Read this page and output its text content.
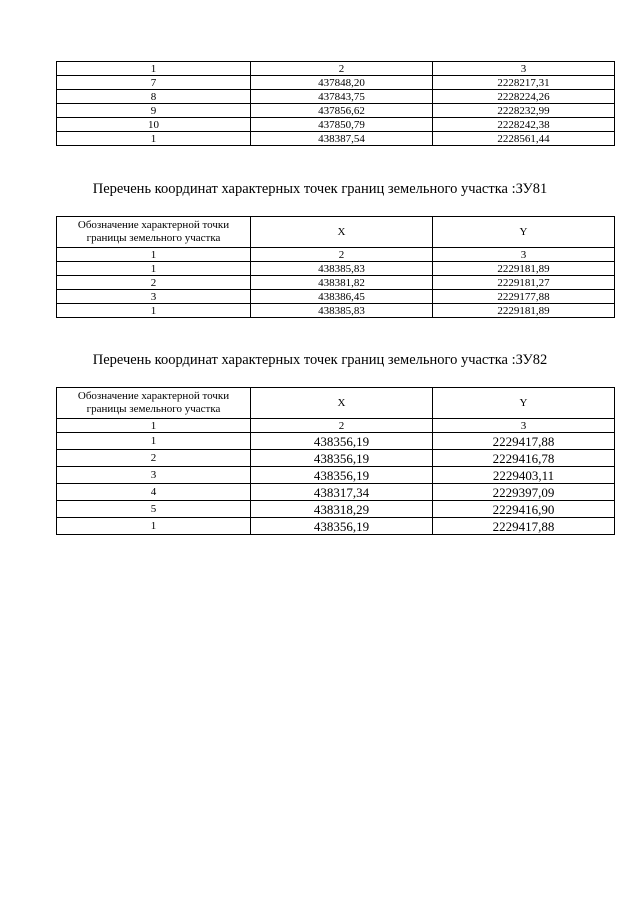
1	2	3
7	437848,20	2228217,31
8	437843,75	2228224,26
9	437856,62	2228232,99
10	437850,79	2228242,38
1	438387,54	2228561,44
Перечень координат характерных точек границ земельного участка :ЗУ81
Обозначение характерной точки границы земельного участка	X	Y
1	2	3
1	438385,83	2229181,89
2	438381,82	2229181,27
3	438386,45	2229177,88
1	438385,83	2229181,89
Перечень координат характерных точек границ земельного участка :ЗУ82
Обозначение характерной точки границы земельного участка	X	Y
1	2	3
1	438356,19	2229417,88
2	438356,19	2229416,78
3	438356,19	2229403,11
4	438317,34	2229397,09
5	438318,29	2229416,90
1	438356,19	2229417,88
